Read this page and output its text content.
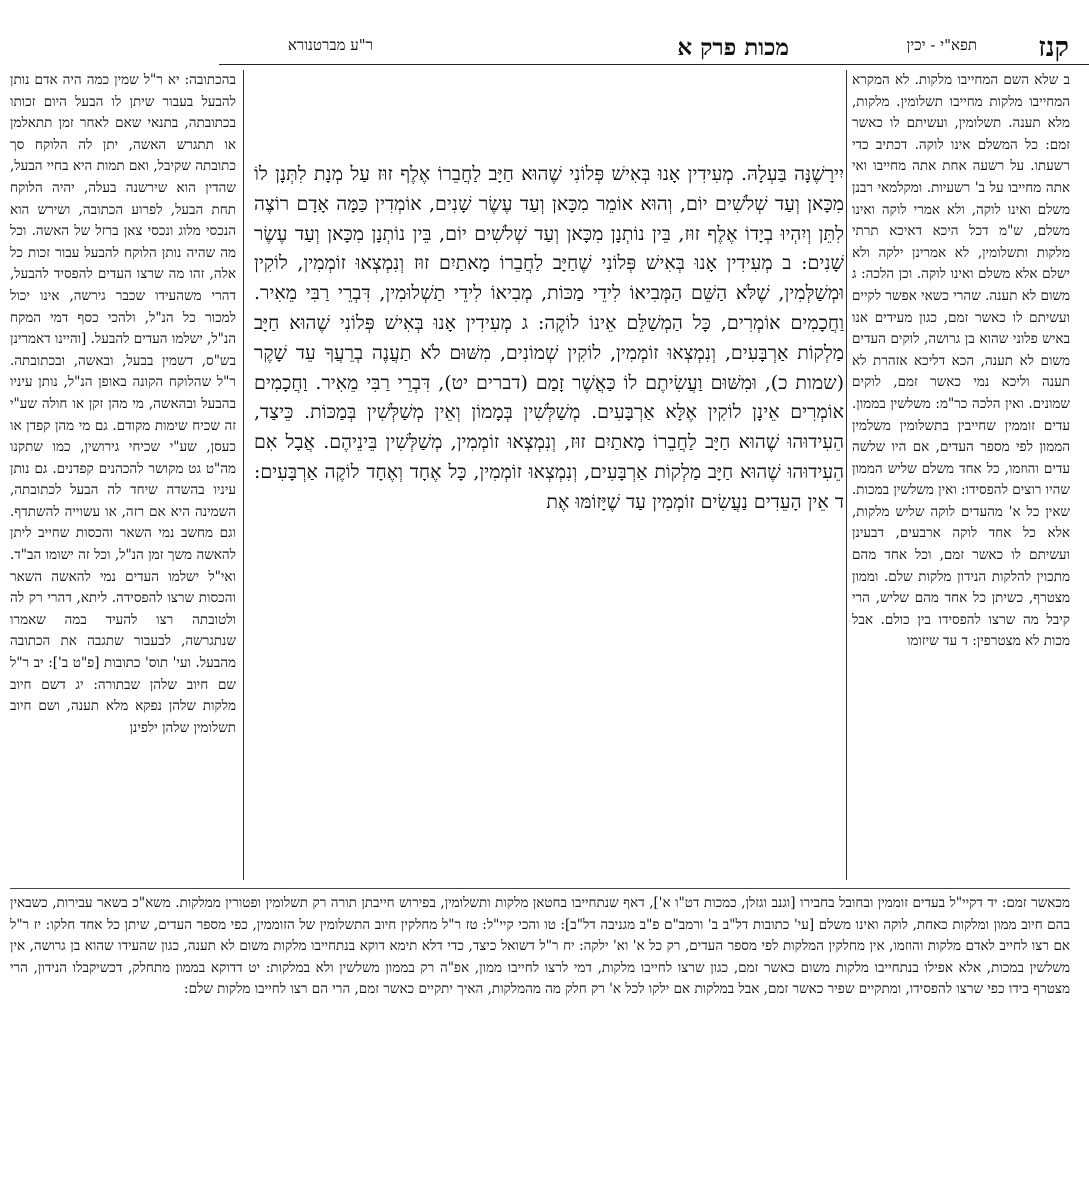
קנז
תפא"י - יכין
מכות פרק א
ר"ע מברטנורא

ב שלא השם המחייבו מלקות. לא המקרא המחייבו מלקות מחייבו תשלומין. מלקות, מלא תענה. תשלומין, ועשיתם לו כאשר זמם: כל המשלם אינו לוקה. דכתיב כדי רשעתו. על רשעה אחת אתה מחייבו ואי אתה מחייבו על ב' רשעיות. ומקלמאי רבנן משלם ואינו לוקה, ולא אמרי לוקה ואינו משלם, ש"מ דכל היכא דאיכא תרתי מלקות ותשלומין, לא אמרינן ילקה ולא ישלם אלא משלם ואינו לוקה. וכן הלכה: ג משום לא תענה. שהרי כשאי אפשר לקיים ועשיתם לו כאשר זמם, כגון מעידים אנו באיש פלוני שהוא בן גרושה, לוקים העדים משום לא תענה, הכא דליכא אזהרת לא תענה וליכא נמי כאשר זמם, לוקים שמונים. ואין הלכה כר"מ: משלשין בממון. עדים זוממין שחייבין בתשלומין משלמין הממון לפי מספר העדים, אם היו שלשה עדים והוזמו, כל אחד משלם שליש הממון שהיו רוצים להפסידו: ואין משלשין במכות. שאין כל א' מהעדים לוקה שליש מלקות, אלא כל אחד לוקה ארבעים, דבעינן ועשיתם לו כאשר זמם, וכל אחד מהם מתכוין להלקות הנידון מלקות שלם. וממון מצטרף, כשיתן כל אחד מהם שליש, הרי קיבל מה שרצו להפסידו בין כולם. אבל מכות לא מצטרפין: ד עד שיזומו

יִירָשֶׁנָּה בַּעְלָהּ. מְעִידִין אָנוּ בְּאִישׁ פְּלוֹנִי שֶׁהוּא חַיָּב לַחֲבֵרוֹ אֶלֶף זוּז עַל מְנָת לִתְּנָן לוֹ מִכָּאן וְעַד שְׁלֹשִׁים יוֹם, וְהוּא אוֹמֵר מִכָּאן וְעַד עֶשֶׂר שָׁנִים, אוֹמְדִין כַּמָּה אָדָם רוֹצֶה לִתֵּן וְיִהְיוּ בְיָדוֹ אֶלֶף זוּז, בֵּין נוֹתְנָן מִכָּאן וְעַד שְׁלֹשִׁים יוֹם, בֵּין נוֹתְנָן מִכָּאן וְעַד עֶשֶׂר שָׁנִים: ב מְעִידִין אָנוּ בְּאִישׁ פְּלוֹנִי שֶׁחַיָּב לַחֲבֵרוֹ מָאתַיִם זוּז וְנִמְצְאוּ זוֹמְמִין, לוֹקִין וּמְשַׁלְּמִין, שֶׁלֹּא הַשֵּׁם הַמְּבִיאוֹ לִידֵי מַכּוֹת, מְבִיאוֹ לִידֵי תַשְׁלוּמִין, דִּבְרֵי רַבִּי מֵאִיר. וַחֲכָמִים אוֹמְרִים, כָּל הַמְשַׁלֵּם אֵינוֹ לוֹקֶה: ג מְעִידִין אָנוּ בְּאִישׁ פְּלוֹנִי שֶׁהוּא חַיָּב מַלְקוֹת אַרְבָּעִים, וְנִמְצְאוּ זוֹמְמִין, לוֹקִין שְׁמוֹנִים, מִשּׁוּם לֹא תַעֲנֶה בְרֵעֲךָ עֵד שָׁקֶר (שמות כ), וּמִשּׁוּם וַעֲשִׂיתֶם לוֹ כַּאֲשֶׁר זָמַם (דברים יט), דִּבְרֵי רַבִּי מֵאִיר. וַחֲכָמִים אוֹמְרִים אֵינָן לוֹקִין אֶלָּא אַרְבָּעִים. מְשַׁלְּשִׁין בְּמָמוֹן וְאֵין מְשַׁלְּשִׁין בְּמַכּוֹת. כֵּיצַד, הֵעִידוּהוּ שֶׁהוּא חַיָּב לַחֲבֵרוֹ מָאתַיִם זוּז, וְנִמְצְאוּ זוֹמְמִין, מְשַׁלְּשִׁין בֵּינֵיהֶם. אֲבָל אִם הֵעִידוּהוּ שֶׁהוּא חַיָּב מַלְקוֹת אַרְבָּעִים, וְנִמְצְאוּ זוֹמְמִין, כָּל אֶחָד וְאֶחָד לוֹקֶה אַרְבָּעִים: ד אֵין הָעֵדִים נַעֲשִׂים זוֹמְמִין עַד שֶׁיָּזוֹמּוּ אֶת

בהכתובה: יא ר"ל שמין כמה היה אדם נותן להבעל בעבור שיתן לו הבעל היום זכותו בכתובתה, בתנאי שאם לאחר זמן תתאלמן או תתגרש האשה, יתן לה הלוקח סך כתובתה שקיבל, ואם תמות היא בחיי הבעל, שהדין הוא שירשנה בעלה, יהיה הלוקח תחת הבעל, לפרוע הכתובה, ושירש הוא הנכסי מלוג ונכסי צאן ברזל של האשה. וכל מה שהיה נותן הלוקח להבעל עבור זכות כל אלה, זהו מה שרצו העדים להפסיד להבעל, דהרי משהעידו שכבר גירשה, אינו יכול למכור כל הנ"ל, ולהכי כסף דמי המקח הנ"ל, ישלמו העדים להבעל. [והיינו דאמרינן בש"ס, דשמין בבעל, ובאשה, ובכתובתה. ר"ל שהלוקח הקונה באופן הנ"ל, נותן עיניו בהבעל ובהאשה, מי מהן זקן או חולה שע"י זה שכיח שימות מקודם. גם מי מהן קפדן או כעסן, שע"י שכיחי גירושין, כמו שתקנו מה"ט גט מקושר להכהנים קפדנים. גם נותן עיניו בהשדה שיחד לה הבעל לכתובתה, השמינה היא אם רזה, או עשוייה להשתדף. וגם מחשב נמי השאר והכסות שחייב ליתן להאשה משך זמן הנ"ל, וכל זה ישומו הב"ד. ואי"ל ישלמו העדים נמי להאשה השאר והכסות שרצו להפסידה. ליתא, דהרי רק לה ולטובתה רצו להעיד במה שאמרו שנתגרשה, לבעבור שתגבה את הכתובה מהבעל. ועי' תוס' כתובות [פ"ט ב']: יב ר"ל שם חיוב שלהן שבתורה: יג דשם חיוב מלקות שלהן נפקא מלא תענה, ושם חיוב תשלומין שלהן ילפינן

מכאשר זמם: יד דקיי"ל בעדים זוממין ובחובל בחבירו [וגנב וגזלן, כמכות דט"ו א'], דאף שנתחייבו בחטאן מלקות ותשלומין, בפירוש חייבתן תורה רק תשלומין ופטורין ממלקות. משא"כ בשאר עבירות, כשבאין בהם חיוב ממון ומלקות כאחת, לוקה ואינו משלם [עי' כתובות דל"ב ב' ורמב"ם פ"ב מגניבה דל"ב]: טו והכי קיי"ל: טז ר"ל מחלקין חיוב התשלומין של הזוממין, כפי מספר העדים, שיתן כל אחד חלקו: יז ר"ל אם רצו לחייב לאדם מלקות והוזמו, אין מחלקין המלקות לפי מספר העדים, רק כל א' וא' ילקה: יח ר"ל דשואל כיצד, כדי דלא תימא דוקא בנתחייבו מלקות משום לא תענה, כגון שהעידו שהוא בן גרושה, אין משלשין במכות, אלא אפילו בנתחייבו מלקות משום כאשר זמם, כגון שרצו לחייבו מלקות, דמי לרצו לחייבו ממון, אפ"ה רק בממון משלשין ולא במלקות: יט דדוקא בממון מתחלק, דכשיקבלו הנידון, הרי מצטרף בידו כפי שרצו להפסידו, ומתקיים שפיר כאשר זמם, אבל במלקות אם ילקו לכל א' רק חלק מה מהמלקות, האיך יתקיים כאשר זמם, הרי הם רצו לחייבו מלקות שלם:
